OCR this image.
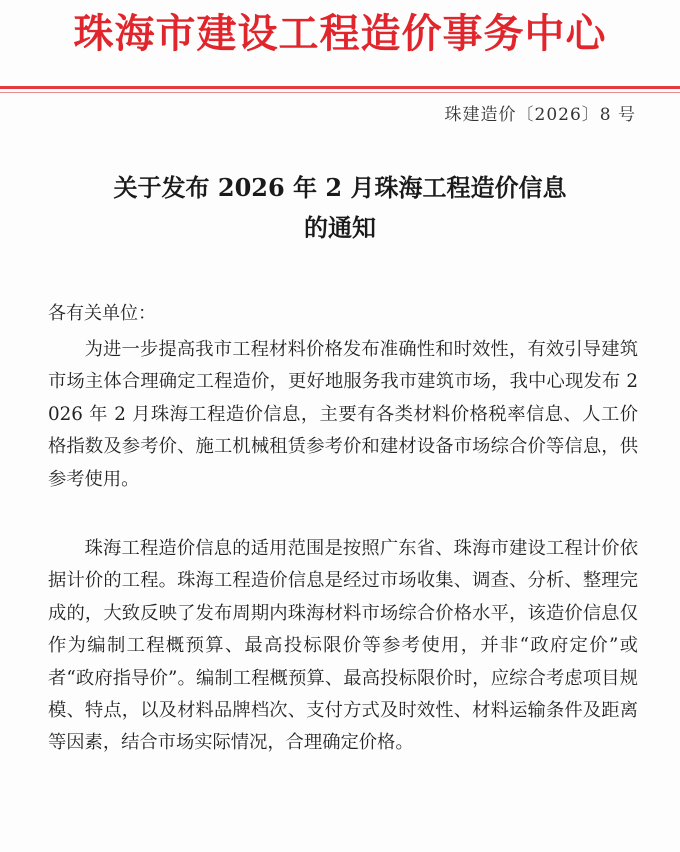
珠海市建设工程造价事务中心
珠建造价〔2026〕8 号
关于发布 2026 年 2 月珠海工程造价信息
的通知
各有关单位：

为进一步提高我市工程材料价格发布准确性和时效性，有效引导建筑市场主体合理确定工程造价，更好地服务我市建筑市场，我中心现发布 2026 年 2 月珠海工程造价信息，主要有各类材料价格税率信息、人工价格指数及参考价、施工机械租赁参考价和建材设备市场综合价等信息，供参考使用。

珠海工程造价信息的适用范围是按照广东省、珠海市建设工程计价依据计价的工程。珠海工程造价信息是经过市场收集、调查、分析、整理完成的，大致反映了发布周期内珠海材料市场综合价格水平，该造价信息仅作为编制工程概预算、最高投标限价等参考使用，并非“政府定价”或者“政府指导价”。编制工程概预算、最高投标限价时，应综合考虑项目规模、特点，以及材料品牌档次、支付方式及时效性、材料运输条件及距离等因素，结合市场实际情况，合理确定价格。
